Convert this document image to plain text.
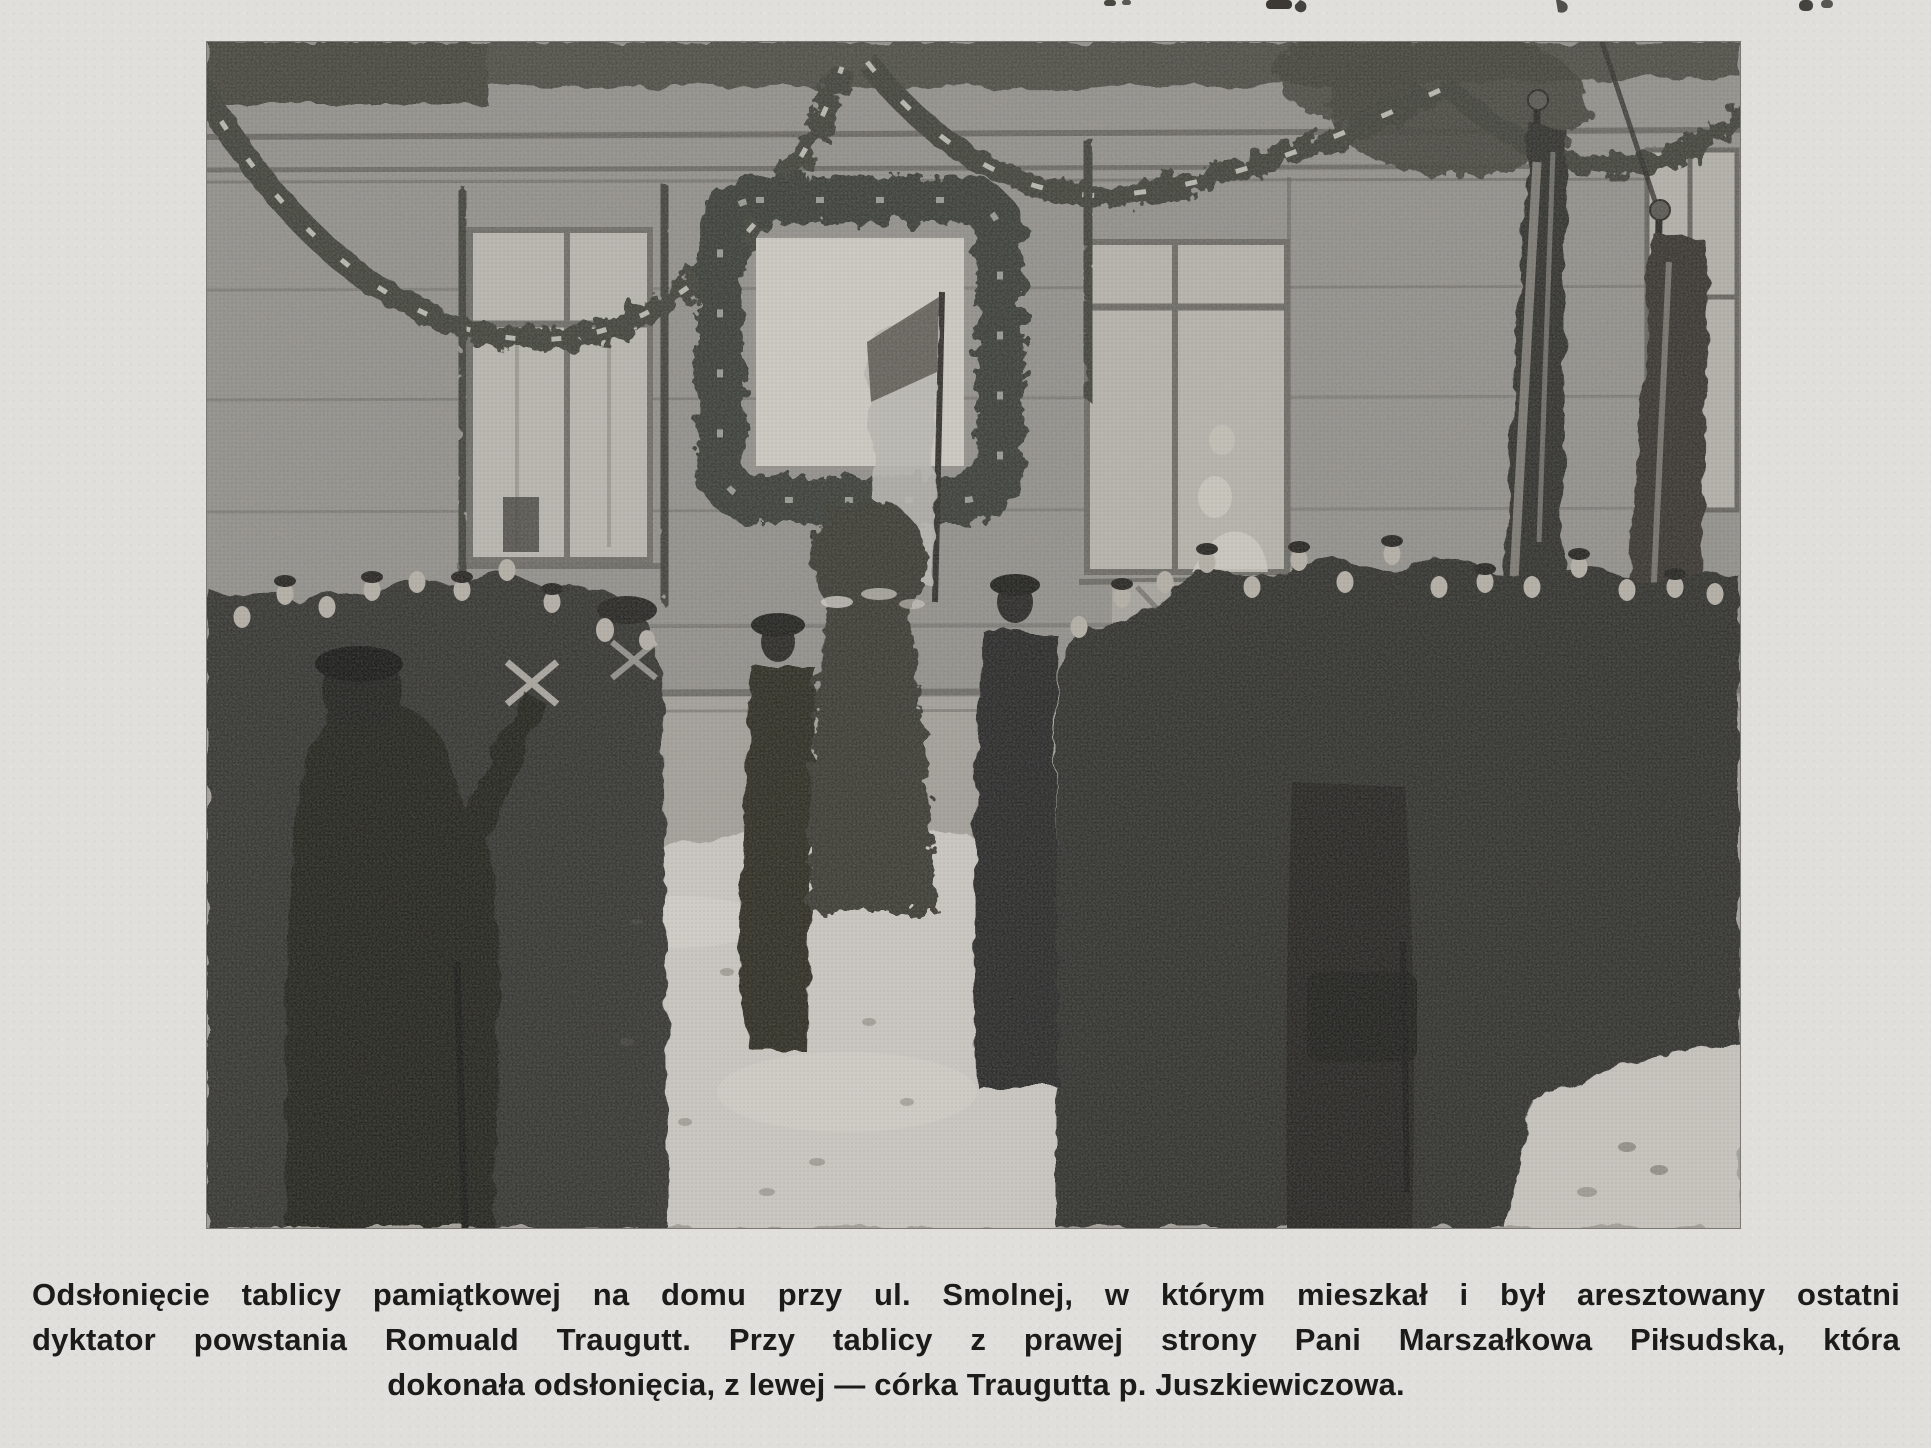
Odsłonięcie tablicy pamiątkowej na domu przy ul. Smolnej, w którym mieszkał i był aresztowany ostatni
dyktator powstania Romuald Traugutt. Przy tablicy z prawej strony Pani Marszałkowa Piłsudska, która
dokonała odsłonięcia, z lewej — córka Traugutta p. Juszkiewiczowa.
